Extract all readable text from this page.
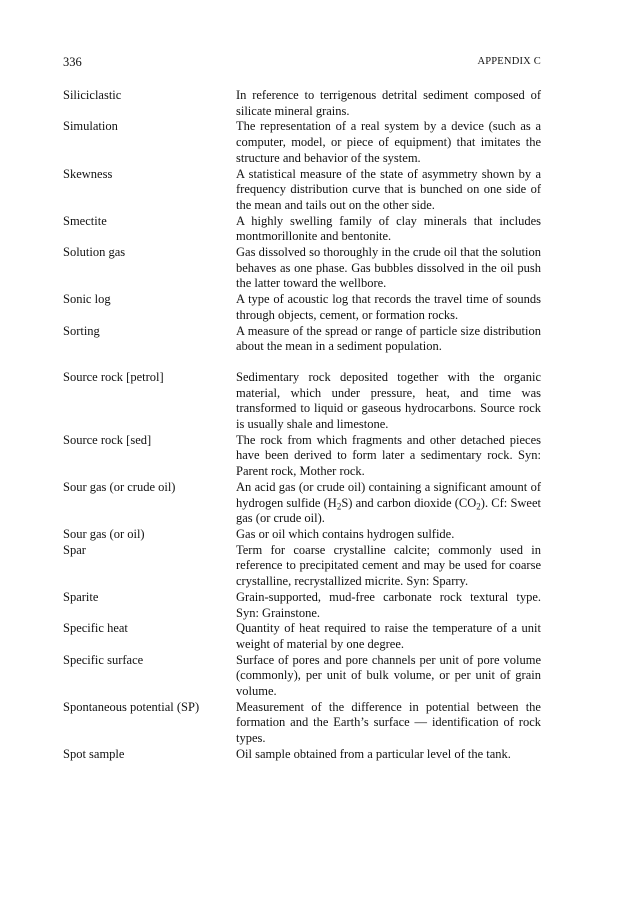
336	APPENDIX C
Siliciclastic	In reference to terrigenous detrital sediment composed of silicate mineral grains.
Simulation	The representation of a real system by a device (such as a computer, model, or piece of equipment) that imitates the structure and behavior of the system.
Skewness	A statistical measure of the state of asymmetry shown by a frequency distribution curve that is bunched on one side of the mean and tails out on the other side.
Smectite	A highly swelling family of clay minerals that includes montmorillonite and bentonite.
Solution gas	Gas dissolved so thoroughly in the crude oil that the solution behaves as one phase. Gas bubbles dissolved in the oil push the latter toward the wellbore.
Sonic log	A type of acoustic log that records the travel time of sounds through objects, cement, or formation rocks.
Sorting	A measure of the spread or range of particle size distribution about the mean in a sediment population.
Source rock [petrol]	Sedimentary rock deposited together with the organic material, which under pressure, heat, and time was transformed to liquid or gaseous hydrocarbons. Source rock is usually shale and limestone.
Source rock [sed]	The rock from which fragments and other detached pieces have been derived to form later a sedimentary rock. Syn: Parent rock, Mother rock.
Sour gas (or crude oil)	An acid gas (or crude oil) containing a significant amount of hydrogen sulfide $(H_2S)$ and carbon dioxide $(CO_2)$. Cf: Sweet gas (or crude oil).
Sour gas (or oil)	Gas or oil which contains hydrogen sulfide.
Spar	Term for coarse crystalline calcite; commonly used in reference to precipitated cement and may be used for coarse crystalline, recrystallized micrite. Syn: Sparry.
Sparite	Grain-supported, mud-free carbonate rock textural type. Syn: Grainstone.
Specific heat	Quantity of heat required to raise the temperature of a unit weight of material by one degree.
Specific surface	Surface of pores and pore channels per unit of pore volume (commonly), per unit of bulk volume, or per unit of grain volume.
Spontaneous potential (SP)	Measurement of the difference in potential between the formation and the Earth’s surface — identification of rock types.
Spot sample	Oil sample obtained from a particular level of the tank.
